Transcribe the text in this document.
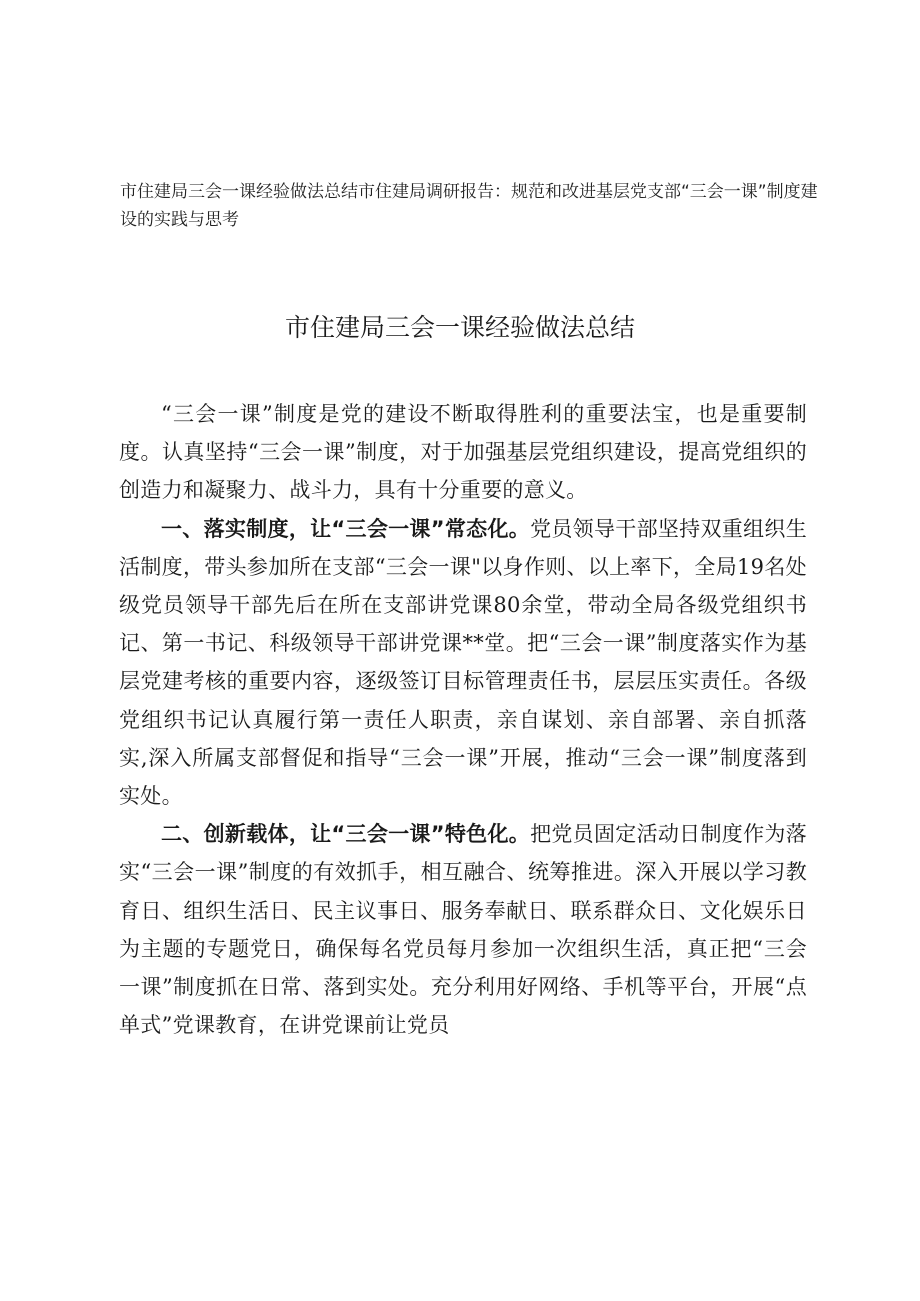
市住建局三会一课经验做法总结市住建局调研报告：规范和改进基层党支部“三会一课”制度建设的实践与思考
市住建局三会一课经验做法总结

“三会一课”制度是党的建设不断取得胜利的重要法宝，也是重要制度。认真坚持“三会一课”制度，对于加强基层党组织建设，提高党组织的创造力和凝聚力、战斗力，具有十分重要的意义。

一、落实制度，让“三会一课”常态化。党员领导干部坚持双重组织生活制度，带头参加所在支部“三会一课"以身作则、以上率下，全局19名处级党员领导干部先后在所在支部讲党课80余堂，带动全局各级党组织书记、第一书记、科级领导干部讲党课**堂。把“三会一课”制度落实作为基层党建考核的重要内容，逐级签订目标管理责任书，层层压实责任。各级党组织书记认真履行第一责任人职责，亲自谋划、亲自部署、亲自抓落实,深入所属支部督促和指导“三会一课”开展，推动“三会一课”制度落到实处。

二、创新载体，让“三会一课”特色化。把党员固定活动日制度作为落实“三会一课”制度的有效抓手，相互融合、统筹推进。深入开展以学习教育日、组织生活日、民主议事日、服务奉献日、联系群众日、文化娱乐日为主题的专题党日，确保每名党员每月参加一次组织生活，真正把“三会一课”制度抓在日常、落到实处。充分利用好网络、手机等平台，开展“点单式”党课教育，在讲党课前让党员
